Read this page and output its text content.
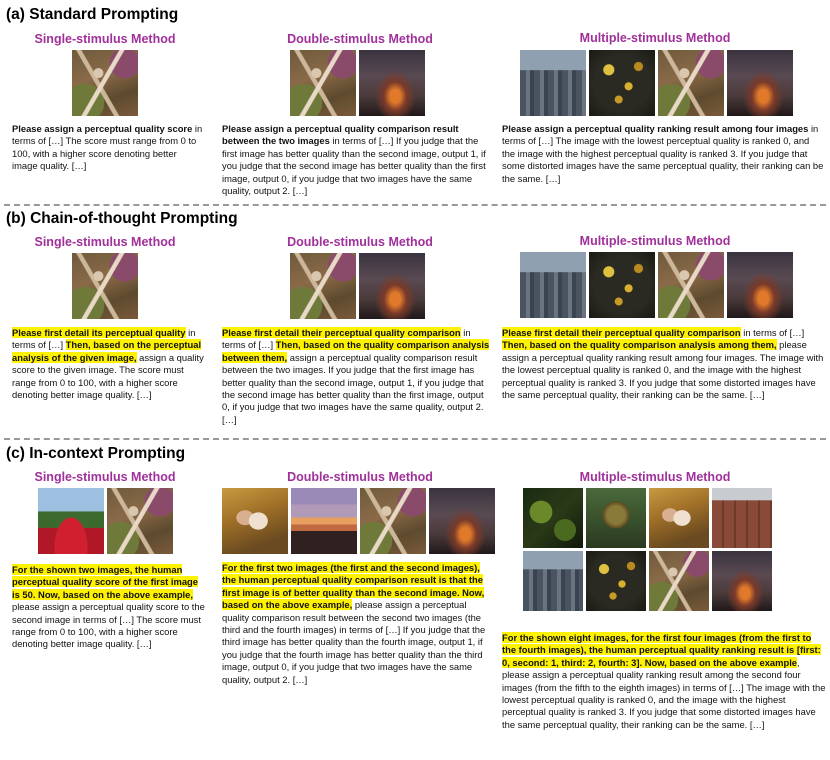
(a) Standard Prompting
Single-stimulus Method
Please assign a perceptual quality score in terms of […] The score must range from 0 to 100, with a higher score denoting better image quality. […]
Double-stimulus Method
Please assign a perceptual quality comparison result between the two images in terms of […] If you judge that the first image has better quality than the second image, output 1, if you judge that the second image has better quality than the first image, output 0, if you judge that two images have the same quality, output 2. […]
Multiple-stimulus Method
Please assign a perceptual quality ranking result among four images in terms of […] The image with the lowest perceptual quality is ranked 0, and the image with the highest perceptual quality is ranked 3. If you judge that some distorted images have the same perceptual quality, their ranking can be the same. […]
(b) Chain-of-thought Prompting
Single-stimulus Method
Please first detail its perceptual quality in terms of […] Then, based on the perceptual analysis of the given image, assign a quality score to the given image. The score must range from 0 to 100, with a higher score denoting better image quality. […]
Double-stimulus Method
Please first detail their perceptual quality comparison in terms of […] Then, based on the quality comparison analysis between them, assign a perceptual quality comparison result between the two images. If you judge that the first image has better quality than the second image, output 1, if you judge that the second image has better quality than the first image, output 0, if you judge that two images have the same quality, output 2. […]
Multiple-stimulus Method
Please first detail their perceptual quality comparison in terms of […] Then, based on the quality comparison analysis among them, please assign a perceptual quality ranking result among four images. The image with the lowest perceptual quality is ranked 0, and the image with the highest perceptual quality is ranked 3. If you judge that some distorted images have the same perceptual quality, their ranking can be the same. […]
(c) In-context Prompting
Single-stimulus Method
For the shown two images, the human perceptual quality score of the first image is 50. Now, based on the above example, please assign a perceptual quality score to the second image in terms of […] The score must range from 0 to 100, with a higher score denoting better image quality. […]
Double-stimulus Method
For the first two images (the first and the second images), the human perceptual quality comparison result is that the first image is of better quality than the second image. Now, based on the above example, please assign a perceptual quality comparison result between the second two images (the third and the fourth images) in terms of […] If you judge that the third image has better quality than the fourth image, output 1, if you judge that the fourth image has better quality than the third image, output 0, if you judge that two images have the same quality, output 2. […]
Multiple-stimulus Method
For the shown eight images, for the first four images (from the first to the fourth images), the human perceptual quality ranking result is [first: 0, second: 1, third: 2, fourth: 3]. Now, based on the above example, please assign a perceptual quality ranking result among the second four images (from the fifth to the eighth images) in terms of […] The image with the lowest perceptual quality is ranked 0, and the image with the highest perceptual quality is ranked 3. If you judge that some distorted images have the same perceptual quality, their ranking can be the same. […]
